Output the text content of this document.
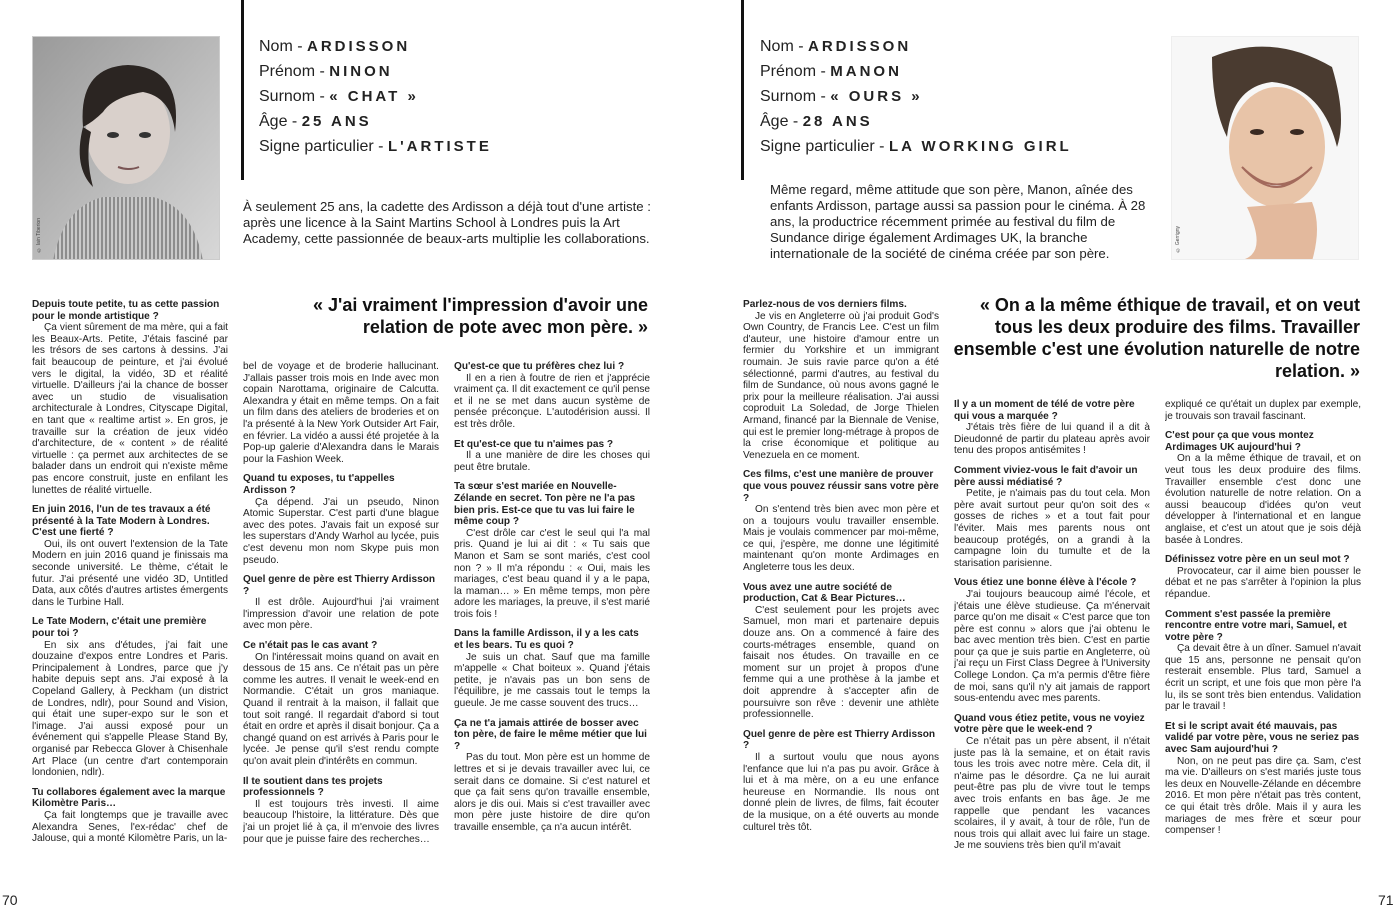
© Iain Tiberion
Nom - ARDISSON
Prénom - NINON
Surnom - « CHAT »
Âge - 25 ANS
Signe particulier - L'ARTISTE

À seulement 25 ans, la cadette des Ardisson a déjà tout d'une artiste : après une licence à la Saint Martins School à Londres puis la Art Academy, cette passionnée de beaux-arts multiplie les collaborations.

« J'ai vraiment l'impression d'avoir une relation de pote avec mon père. »
Depuis toute petite, tu as cette passion pour le monde artistique ?
Ça vient sûrement de ma mère, qui a fait les Beaux-Arts. Petite, J'étais fasciné par les trésors de ses cartons à dessins. J'ai fait beaucoup de peinture, et j'ai évolué vers le digital, la vidéo, 3D et réalité virtuelle. D'ailleurs j'ai la chance de bosser avec un studio de visualisation architecturale à Londres, Cityscape Digital, en tant que « realtime artist ». En gros, je travaille sur la création de jeux vidéo d'architecture, de « content » de réalité virtuelle : ça permet aux architectes de se balader dans un endroit qui n'existe même pas encore construit, juste en enfilant les lunettes de réalité virtuelle.
En juin 2016, l'un de tes travaux a été présenté à la Tate Modern à Londres. C'est une fierté ?
Oui, ils ont ouvert l'extension de la Tate Modern en juin 2016 quand je finissais ma seconde université. Le thème, c'était le futur. J'ai présenté une vidéo 3D, Untitled Data, aux côtés d'autres artistes émergents dans le Turbine Hall.
Le Tate Modern, c'était une première pour toi ?
En six ans d'études, j'ai fait une douzaine d'expos entre Londres et Paris. Principalement à Londres, parce que j'y habite depuis sept ans. J'ai exposé à la Copeland Gallery, à Peckham (un district de Londres, ndlr), pour Sound and Vision, qui était une super-expo sur le son et l'image. J'ai aussi exposé pour un événement qui s'appelle Please Stand By, organisé par Rebecca Glover à Chisenhale Art Place (un centre d'art contemporain londonien, ndlr).
Tu collabores également avec la marque Kilomètre Paris…
Ça fait longtemps que je travaille avec Alexandra Senes, l'ex-rédac' chef de Jalouse, qui a monté Kilomètre Paris, un la-
bel de voyage et de broderie hallucinant. J'allais passer trois mois en Inde avec mon copain Narottama, originaire de Calcutta. Alexandra y était en même temps. On a fait un film dans des ateliers de broderies et on l'a présenté à la New York Outsider Art Fair, en février. La vidéo a aussi été projetée à la Pop-up galerie d'Alexandra dans le Marais pour la Fashion Week.
Quand tu exposes, tu t'appelles Ardisson ?
Ça dépend. J'ai un pseudo, Ninon Atomic Superstar. C'est parti d'une blague avec des potes. J'avais fait un exposé sur les superstars d'Andy Warhol au lycée, puis c'est devenu mon nom Skype puis mon pseudo.
Quel genre de père est Thierry Ardisson ?
Il est drôle. Aujourd'hui j'ai vraiment l'impression d'avoir une relation de pote avec mon père.
Ce n'était pas le cas avant ?
On l'intéressait moins quand on avait en dessous de 15 ans. Ce n'était pas un père comme les autres. Il venait le week-end en Normandie. C'était un gros maniaque. Quand il rentrait à la maison, il fallait que tout soit rangé. Il regardait d'abord si tout était en ordre et après il disait bonjour. Ça a changé quand on est arrivés à Paris pour le lycée. Je pense qu'il s'est rendu compte qu'on avait plein d'intérêts en commun.
Il te soutient dans tes projets professionnels ?
Il est toujours très investi. Il aime beaucoup l'histoire, la littérature. Dès que j'ai un projet lié à ça, il m'envoie des livres pour que je puisse faire des recherches…
Qu'est-ce que tu préfères chez lui ?
Il en a rien à foutre de rien et j'apprécie vraiment ça. Il dit exactement ce qu'il pense et il ne se met dans aucun système de pensée préconçue. L'autodérision aussi. Il est très drôle.
Et qu'est-ce que tu n'aimes pas ?
Il a une manière de dire les choses qui peut être brutale.
Ta sœur s'est mariée en Nouvelle-Zélande en secret. Ton père ne l'a pas bien pris. Est-ce que tu vas lui faire le même coup ?
C'est drôle car c'est le seul qui l'a mal pris. Quand je lui ai dit : « Tu sais que Manon et Sam se sont mariés, c'est cool non ? » Il m'a répondu : « Oui, mais les mariages, c'est beau quand il y a le papa, la maman… » En même temps, mon père adore les mariages, la preuve, il s'est marié trois fois !
Dans la famille Ardisson, il y a les cats et les bears. Tu es quoi ?
Je suis un chat. Sauf que ma famille m'appelle « Chat boiteux ». Quand j'étais petite, je n'avais pas un bon sens de l'équilibre, je me cassais tout le temps la gueule. Je me casse souvent des trucs…
Ça ne t'a jamais attirée de bosser avec ton père, de faire le même métier que lui ?
Pas du tout. Mon père est un homme de lettres et si je devais travailler avec lui, ce serait dans ce domaine. Si c'est naturel et que ça fait sens qu'on travaille ensemble, alors je dis oui. Mais si c'est travailler avec mon père juste histoire de dire qu'on travaille ensemble, ça n'a aucun intérêt.
70
Nom - ARDISSON
Prénom - MANON
Surnom - « OURS »
Âge - 28 ANS
Signe particulier - LA WORKING GIRL
© Gerrigny

Même regard, même attitude que son père, Manon, aînée des enfants Ardisson, partage aussi sa passion pour le cinéma. À 28 ans, la productrice récemment primée au festival du film de Sundance dirige également Ardimages UK, la branche internationale de la société de cinéma créée par son père.

« On a la même éthique de travail, et on veut tous les deux produire des films. Travailler ensemble c'est une évolution naturelle de notre relation. »
Parlez-nous de vos derniers films.
Je vis en Angleterre où j'ai produit God's Own Country, de Francis Lee. C'est un film d'auteur, une histoire d'amour entre un fermier du Yorkshire et un immigrant roumain. Je suis ravie parce qu'on a été sélectionné, parmi d'autres, au festival du film de Sundance, où nous avons gagné le prix pour la meilleure réalisation. J'ai aussi coproduit La Soledad, de Jorge Thielen Armand, financé par la Biennale de Venise, qui est le premier long-métrage à propos de la crise économique et politique au Venezuela en ce moment.
Ces films, c'est une manière de prouver que vous pouvez réussir sans votre père ?
On s'entend très bien avec mon père et on a toujours voulu travailler ensemble. Mais je voulais commencer par moi-même, ce qui, j'espère, me donne une légitimité maintenant qu'on monte Ardimages en Angleterre tous les deux.
Vous avez une autre société de production, Cat & Bear Pictures…
C'est seulement pour les projets avec Samuel, mon mari et partenaire depuis douze ans. On a commencé à faire des courts-métrages ensemble, quand on faisait nos études. On travaille en ce moment sur un projet à propos d'une femme qui a une prothèse à la jambe et doit apprendre à s'accepter afin de poursuivre son rêve : devenir une athlète professionnelle.
Quel genre de père est Thierry Ardisson ?
Il a surtout voulu que nous ayons l'enfance que lui n'a pas pu avoir. Grâce à lui et à ma mère, on a eu une enfance heureuse en Normandie. Ils nous ont donné plein de livres, de films, fait écouter de la musique, on a été ouverts au monde culturel très tôt.
Il y a un moment de télé de votre père qui vous a marquée ?
J'étais très fière de lui quand il a dit à Dieudonné de partir du plateau après avoir tenu des propos antisémites !
Comment viviez-vous le fait d'avoir un père aussi médiatisé ?
Petite, je n'aimais pas du tout cela. Mon père avait surtout peur qu'on soit des « gosses de riches » et a tout fait pour l'éviter. Mais mes parents nous ont beaucoup protégés, on a grandi à la campagne loin du tumulte et de la starisation parisienne.
Vous étiez une bonne élève à l'école ?
J'ai toujours beaucoup aimé l'école, et j'étais une élève studieuse. Ça m'énervait parce qu'on me disait « C'est parce que ton père est connu » alors que j'ai obtenu le bac avec mention très bien. C'est en partie pour ça que je suis partie en Angleterre, où j'ai reçu un First Class Degree à l'University College London. Ça m'a permis d'être fière de moi, sans qu'il n'y ait jamais de rapport sous-entendu avec mes parents.
Quand vous étiez petite, vous ne voyiez votre père que le week-end ?
Ce n'était pas un père absent, il n'était juste pas là la semaine, et on était ravis tous les trois avec notre mère. Cela dit, il n'aime pas le désordre. Ça ne lui aurait peut-être pas plu de vivre tout le temps avec trois enfants en bas âge. Je me rappelle que pendant les vacances scolaires, il y avait, à tour de rôle, l'un de nous trois qui allait avec lui faire un stage. Je me souviens très bien qu'il m'avait
expliqué ce qu'était un duplex par exemple, je trouvais son travail fascinant.
C'est pour ça que vous montez Ardimages UK aujourd'hui ?
On a la même éthique de travail, et on veut tous les deux produire des films. Travailler ensemble c'est donc une évolution naturelle de notre relation. On a aussi beaucoup d'idées qu'on veut développer à l'international et en langue anglaise, et c'est un atout que je sois déjà basée à Londres.
Définissez votre père en un seul mot ?
Provocateur, car il aime bien pousser le débat et ne pas s'arrêter à l'opinion la plus répandue.
Comment s'est passée la première rencontre entre votre mari, Samuel, et votre père ?
Ça devait être à un dîner. Samuel n'avait que 15 ans, personne ne pensait qu'on resterait ensemble. Plus tard, Samuel a écrit un script, et une fois que mon père l'a lu, ils se sont très bien entendus. Validation par le travail !
Et si le script avait été mauvais, pas validé par votre père, vous ne seriez pas avec Sam aujourd'hui ?
Non, on ne peut pas dire ça. Sam, c'est ma vie. D'ailleurs on s'est mariés juste tous les deux en Nouvelle-Zélande en décembre 2016. Et mon père n'était pas très content, ce qui était très drôle. Mais il y aura les mariages de mes frère et sœur pour compenser !
71
